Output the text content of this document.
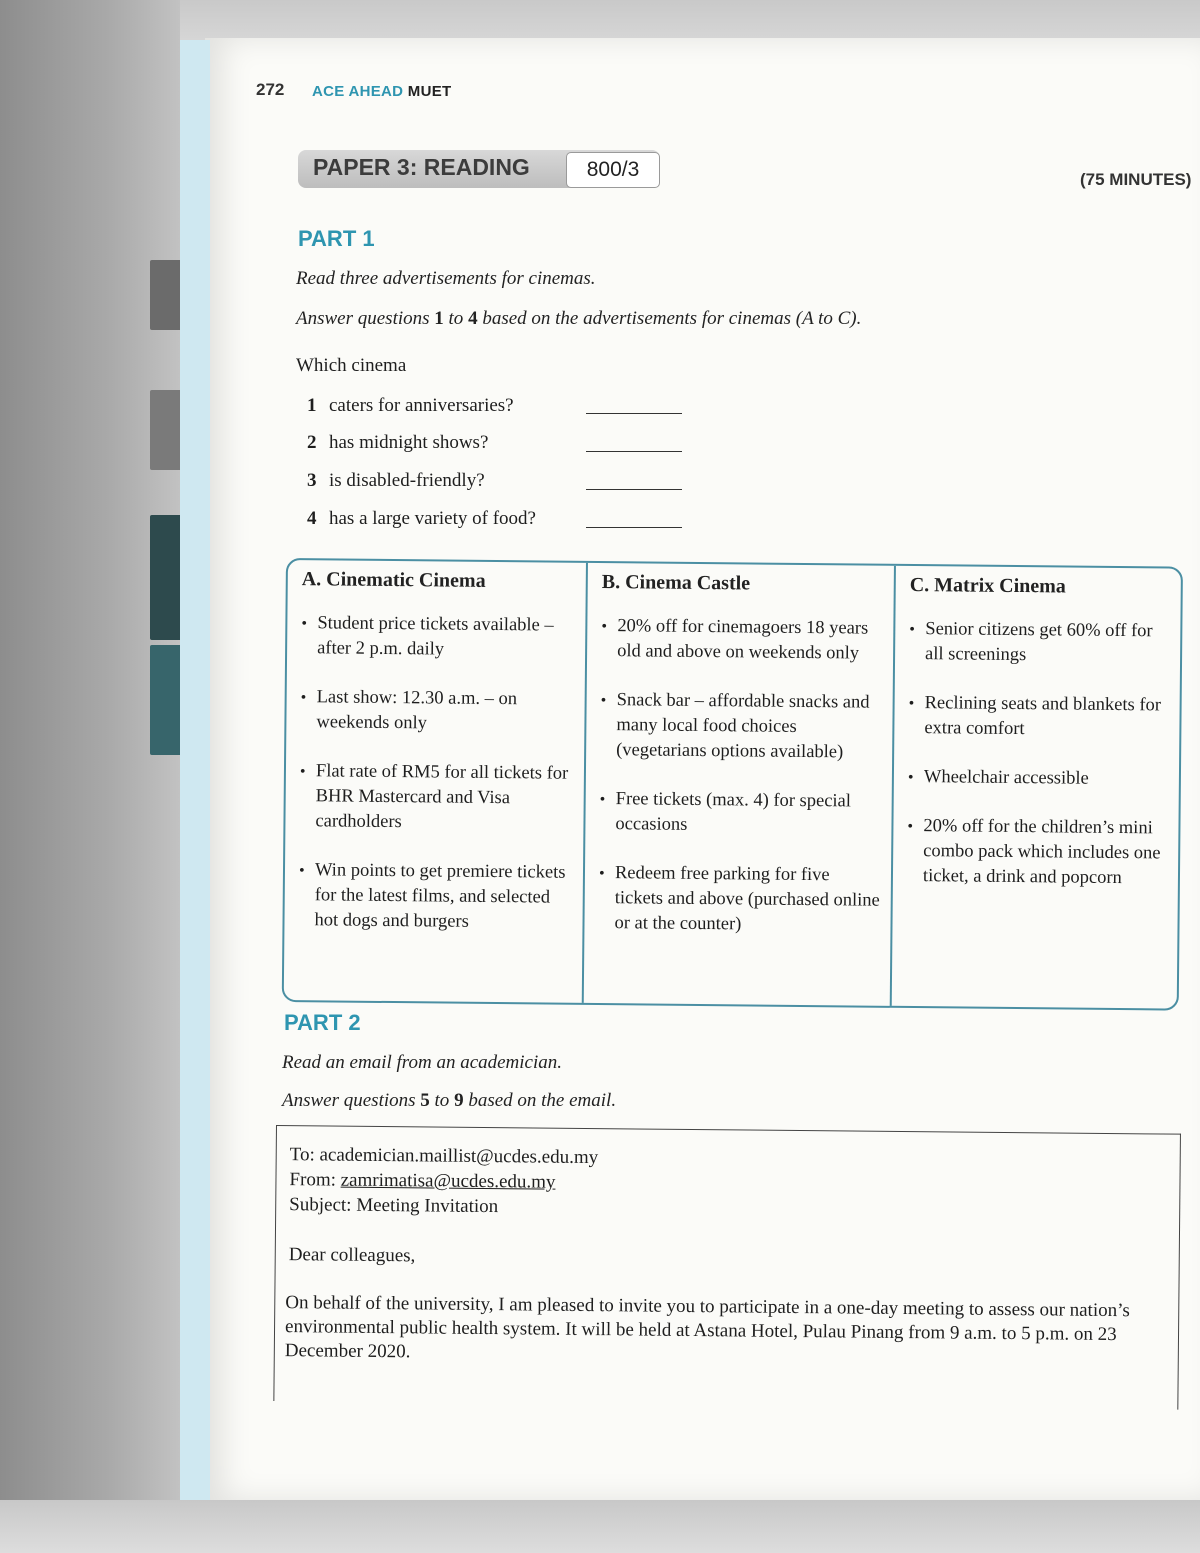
272 ACE AHEAD MUET
PAPER 3: READING	800/3	(75 MINUTES)
PART 1
Read three advertisements for cinemas.
Answer questions 1 to 4 based on the advertisements for cinemas (A to C).
Which cinema
1 caters for anniversaries?
2 has midnight shows?
3 is disabled-friendly?
4 has a large variety of food?
A. Cinematic Cinema
• Student price tickets available – after 2 p.m. daily
• Last show: 12.30 a.m. – on weekends only
• Flat rate of RM5 for all tickets for BHR Mastercard and Visa cardholders
• Win points to get premiere tickets for the latest films, and selected hot dogs and burgers
B. Cinema Castle
• 20% off for cinemagoers 18 years old and above on weekends only
• Snack bar – affordable snacks and many local food choices (vegetarians options available)
• Free tickets (max. 4) for special occasions
• Redeem free parking for five tickets and above (purchased online or at the counter)
C. Matrix Cinema
• Senior citizens get 60% off for all screenings
• Reclining seats and blankets for extra comfort
• Wheelchair accessible
• 20% off for the children’s mini combo pack which includes one ticket, a drink and popcorn
PART 2
Read an email from an academician.
Answer questions 5 to 9 based on the email.
To: academician.maillist@ucdes.edu.my
From: zamrimatisa@ucdes.edu.my
Subject: Meeting Invitation
Dear colleagues,
On behalf of the university, I am pleased to invite you to participate in a one-day meeting to assess our nation’s environmental public health system. It will be held at Astana Hotel, Pulau Pinang from 9 a.m. to 5 p.m. on 23 December 2020.
